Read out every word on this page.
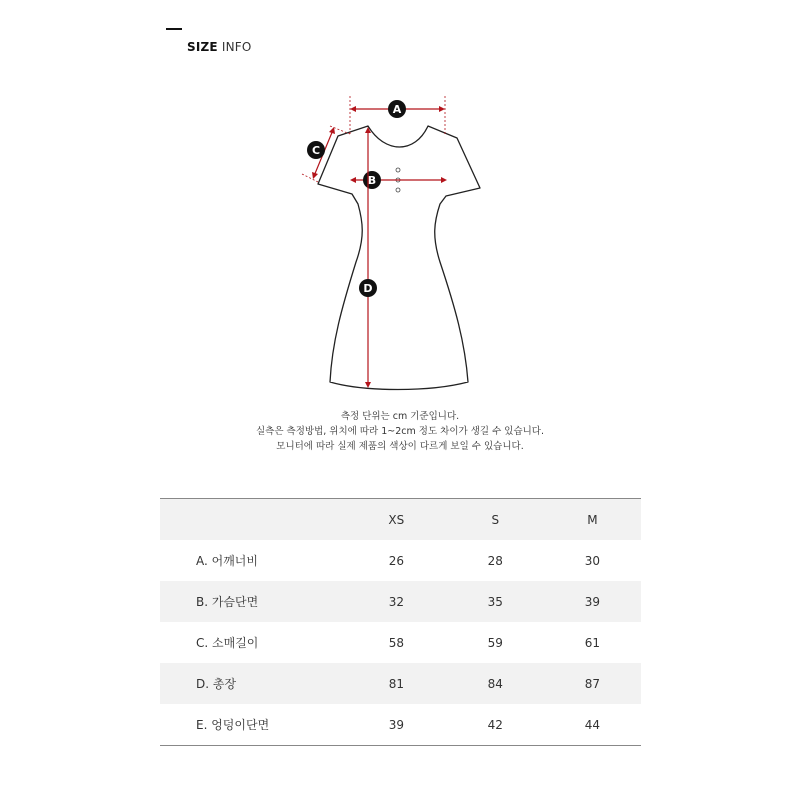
SIZE INFO
A
B
C
D
측정 단위는 cm 기준입니다.
실측은 측정방법, 위치에 따라 1~2cm 정도 차이가 생길 수 있습니다.
모니터에 따라 실제 제품의 색상이 다르게 보일 수 있습니다.
	XS	S	M
A. 어깨너비	26	28	30
B. 가슴단면	32	35	39
C. 소매길이	58	59	61
D. 총장	81	84	87
E. 엉덩이단면	39	42	44
